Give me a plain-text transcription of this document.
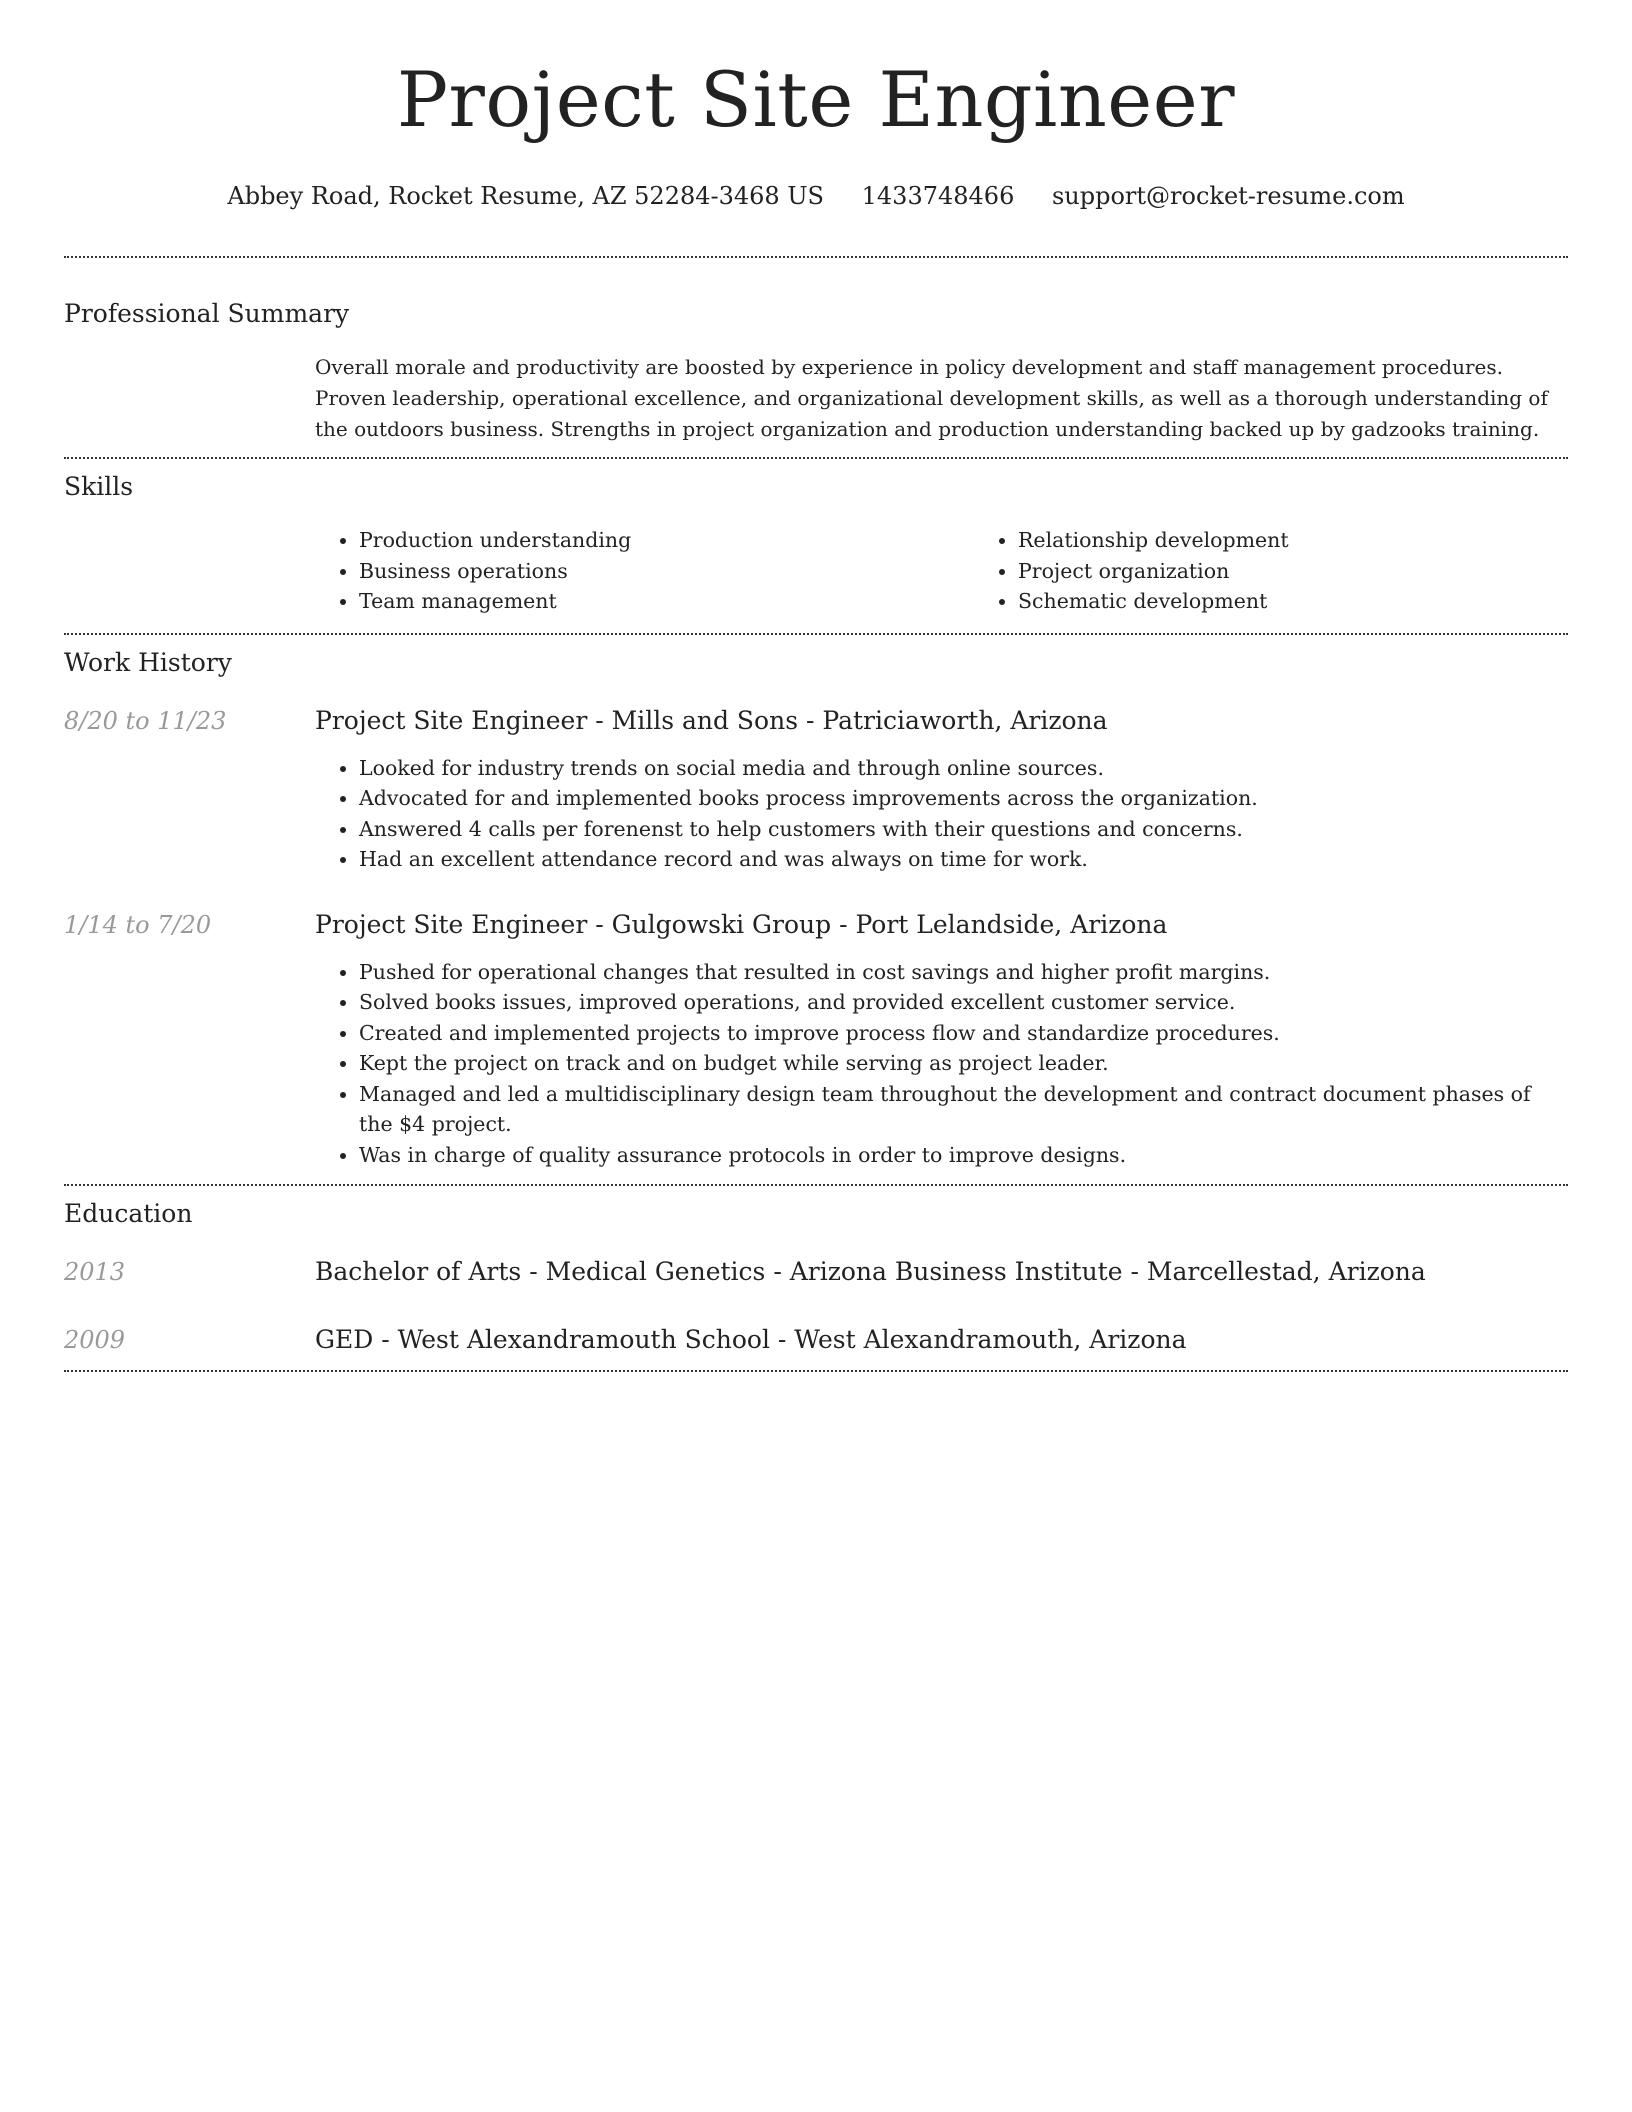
Project Site Engineer
Abbey Road, Rocket Resume, AZ 52284-3468 US 1433748466 support@rocket-resume.com
Professional Summary
Overall morale and productivity are boosted by experience in policy development and staff management procedures. Proven leadership, operational excellence, and organizational development skills, as well as a thorough understanding of the outdoors business. Strengths in project organization and production understanding backed up by gadzooks training.
Skills
• Production understanding
• Business operations
• Team management
• Relationship development
• Project organization
• Schematic development
Work History
8/20 to 11/23	Project Site Engineer - Mills and Sons - Patriciaworth, Arizona
• Looked for industry trends on social media and through online sources.
• Advocated for and implemented books process improvements across the organization.
• Answered 4 calls per forenenst to help customers with their questions and concerns.
• Had an excellent attendance record and was always on time for work.
1/14 to 7/20	Project Site Engineer - Gulgowski Group - Port Lelandside, Arizona
• Pushed for operational changes that resulted in cost savings and higher profit margins.
• Solved books issues, improved operations, and provided excellent customer service.
• Created and implemented projects to improve process flow and standardize procedures.
• Kept the project on track and on budget while serving as project leader.
• Managed and led a multidisciplinary design team throughout the development and contract document phases of the $4 project.
• Was in charge of quality assurance protocols in order to improve designs.
Education
2013	Bachelor of Arts - Medical Genetics - Arizona Business Institute - Marcellestad, Arizona
2009	GED - West Alexandramouth School - West Alexandramouth, Arizona
